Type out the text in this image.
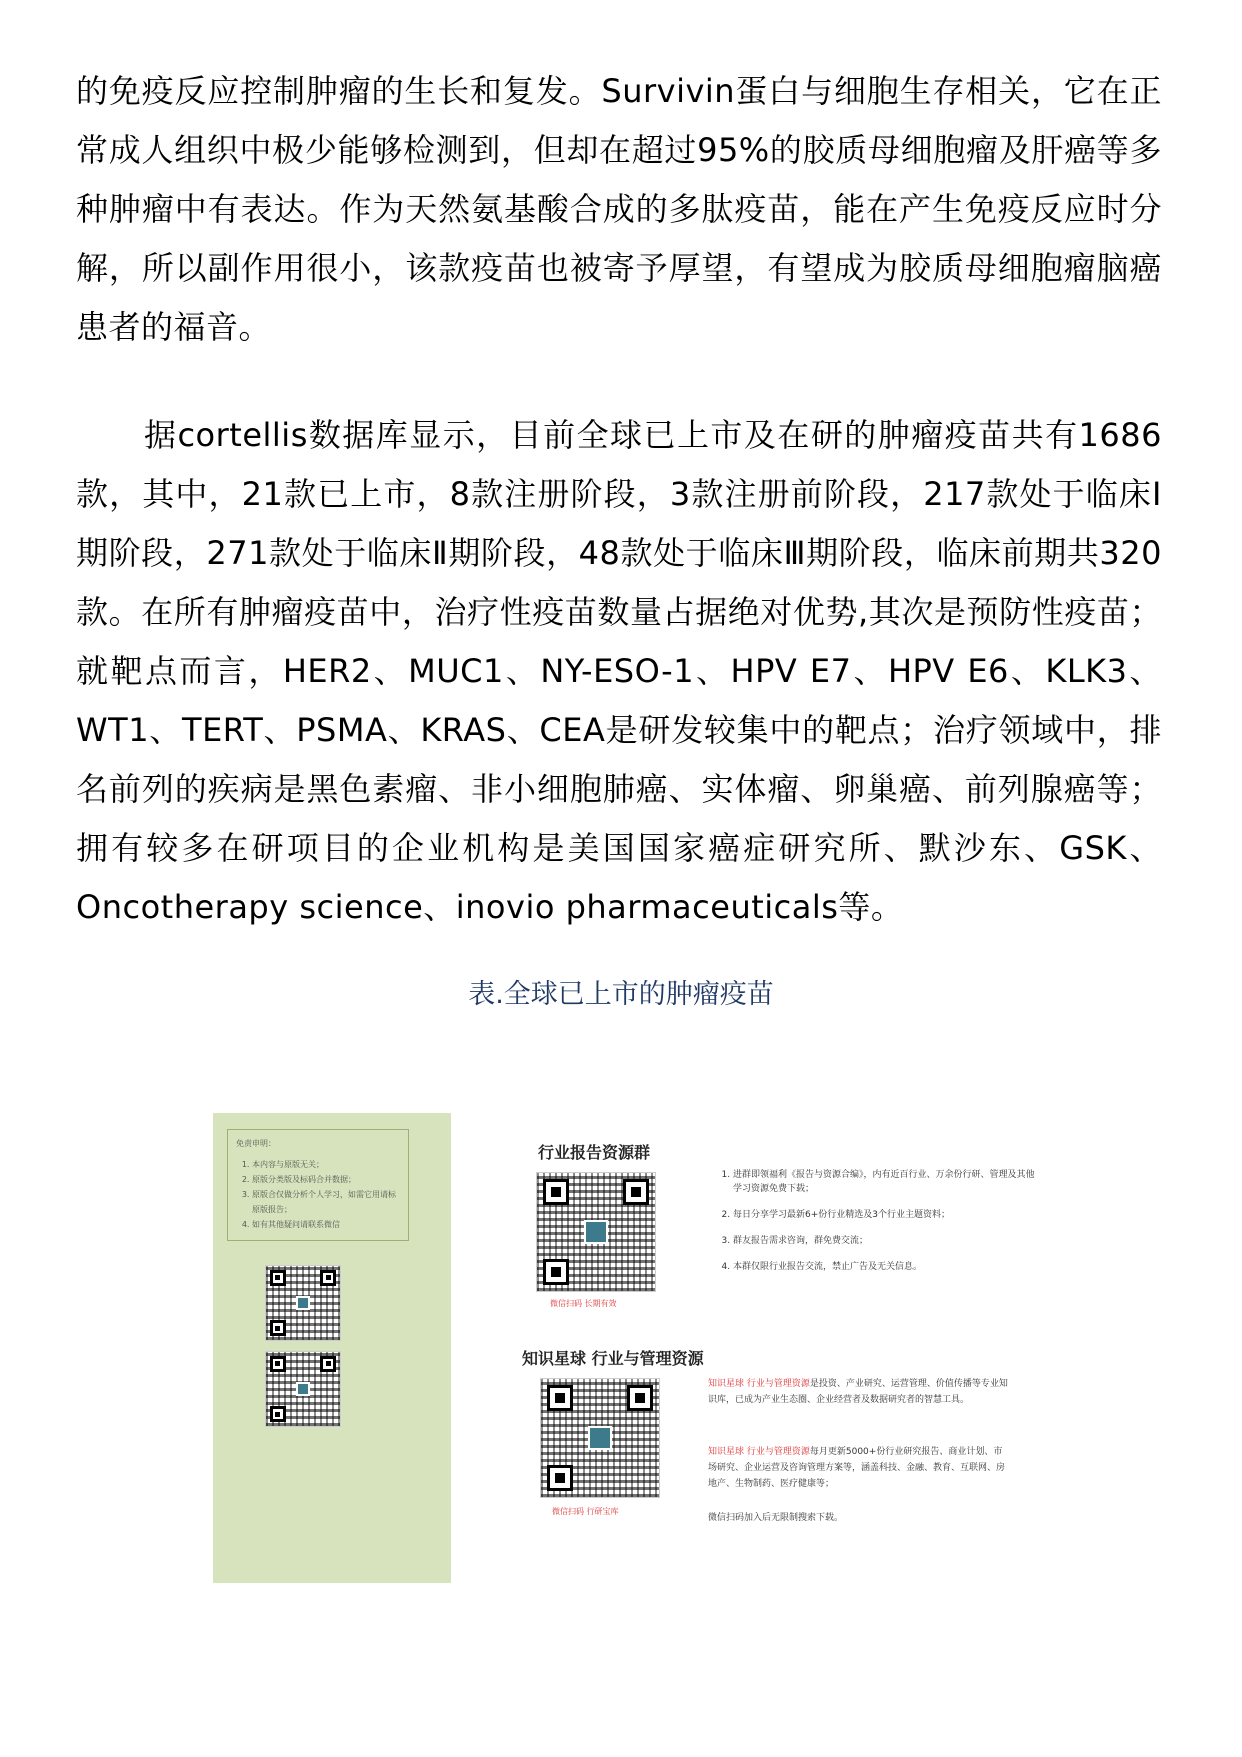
的免疫反应控制肿瘤的生长和复发。Survivin蛋白与细胞生存相关，它在正常成人组织中极少能够检测到，但却在超过95%的胶质母细胞瘤及肝癌等多种肿瘤中有表达。作为天然氨基酸合成的多肽疫苗，能在产生免疫反应时分解，所以副作用很小，该款疫苗也被寄予厚望，有望成为胶质母细胞瘤脑癌患者的福音。

据cortellis数据库显示，目前全球已上市及在研的肿瘤疫苗共有1686款，其中，21款已上市，8款注册阶段，3款注册前阶段，217款处于临床Ⅰ期阶段，271款处于临床Ⅱ期阶段，48款处于临床Ⅲ期阶段，临床前期共320款。在所有肿瘤疫苗中，治疗性疫苗数量占据绝对优势,其次是预防性疫苗；就靶点而言，HER2、MUC1、NY-ESO-1、HPV E7、HPV E6、KLK3、WT1、TERT、PSMA、KRAS、CEA是研发较集中的靶点；治疗领域中，排名前列的疾病是黑色素瘤、非小细胞肺癌、实体瘤、卵巢癌、前列腺癌等；拥有较多在研项目的企业机构是美国国家癌症研究所、默沙东、GSK、Oncotherapy science、inovio pharmaceuticals等。

表.全球已上市的肿瘤疫苗

免责申明：
1. 本内容与原版无关；
2. 原版分类版及标码合并数据；
3. 原版合仅做分析个人学习，如需它用请标原版报告；
4. 如有其他疑问请联系微信

行业报告资源群

微信扫码 长期有效

1. 进群即领福利《报告与资源合编》，内有近百行业、万余份行研、管理及其他学习资源免费下载；
2. 每日分享学习最新6+份行业精选及3个行业主题资料；
3. 群友报告需求咨询，群免费交流；
4. 本群仅限行业报告交流，禁止广告及无关信息。

知识星球 行业与管理资源

微信扫码 行研宝库

知识星球 行业与管理资源是投资、产业研究、运营管理、价值传播等专业知识库，已成为产业生态圈、企业经营者及数据研究者的智慧工具。

知识星球 行业与管理资源每月更新5000+份行业研究报告、商业计划、市场研究、企业运营及咨询管理方案等，涵盖科技、金融、教育、互联网、房地产、生物制药、医疗健康等；

微信扫码加入后无限制搜索下载。
